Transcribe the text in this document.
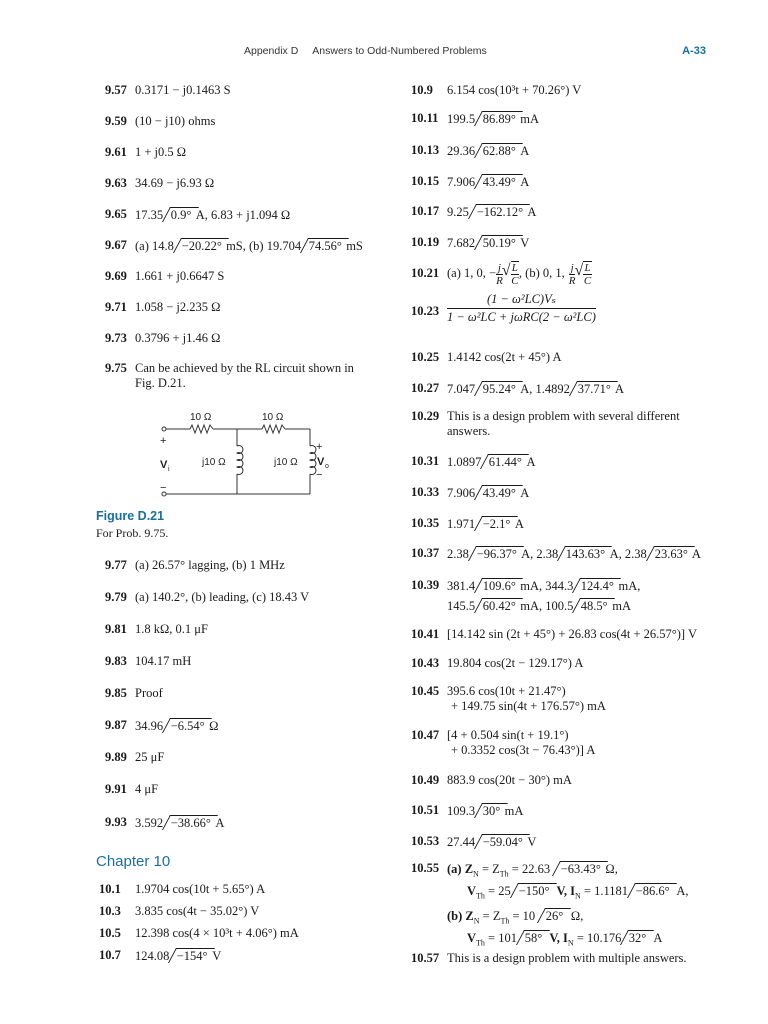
Appendix D Answers to Odd-Numbered Problems	A-33
9.57 0.3171 − j0.1463 S
9.59 (10 − j10) ohms
9.61 1 + j0.5 Ω
9.63 34.69 − j6.93 Ω
9.65 17.35 0.9° A, 6.83 + j1.094 Ω
9.67 (a) 14.8 −20.22° mS, (b) 19.704 74.56° mS
9.69 1.661 + j0.6647 S
9.71 1.058 − j2.235 Ω
9.73 0.3796 + j1.46 Ω
9.75 Can be achieved by the RL circuit shown in
Fig. D.21.
9.77 (a) 26.57° lagging, (b) 1 MHz
9.79 (a) 140.2°, (b) leading, (c) 18.43 V
9.81 1.8 kΩ, 0.1 μF
9.83 104.17 mH
9.85 Proof
9.87 34.96 −6.54° Ω
9.89 25 μF
9.91 4 μF
9.93 3.592 −38.66° A
10.1 1.9704 cos(10t + 5.65°) A
10.3 3.835 cos(4t − 35.02°) V
10.5 12.398 cos(4 × 10³t + 4.06°) mA
10.7 124.08 −154° V
10 Ω	10 Ω
j10 Ω	j10 Ω
+
−
V i
+
−
V o
Figure D.21
For Prob. 9.75.
Chapter 10
10.9 6.154 cos(10³t + 70.26°) V
10.11 199.5 86.89° mA
10.13 29.36 62.88° A
10.15 7.906 43.49° A
10.17 9.25 −162.12° A
10.19 7.682 50.19° V
10.21 (a) 1, 0, − $\frac{j}{R}$ √ $\frac{L}{C}$, (b) 0, 1, $\frac{j}{R}$ √ $\frac{L}{C}$
$10.23 \frac{\text{(1 − ω²LC)Vₛ}}{\text{1 − ω²LC + jωRC(2 − ω²LC)}}$
10.25 1.4142 cos(2t + 45°) A
10.27 7.047 95.24° A, 1.4892 37.71° A
10.29 This is a design problem with several different
answers.
10.31 1.0897 61.44° A
10.33 7.906 43.49° A
10.35 1.971 −2.1° A
10.37 2.38 −96.37° A, 2.38 143.63° A, 2.38 23.63° A
10.39 381.4 109.6° mA, 344.3 124.4° mA,
145.5 60.42° mA, 100.5 48.5° mA
10.41 [14.142 sin (2t + 45°) + 26.83 cos(4t + 26.57°)] V
10.43 19.804 cos(2t − 129.17°) A
10.45 395.6 cos(10t + 21.47°)
+ 149.75 sin(4t + 176.57°) mA
10.47 [4 + 0.504 sin(t + 19.1°)
+ 0.3352 cos(3t − 76.43°)] A
10.49 883.9 cos(20t − 30°) mA
10.51 109.3 30° mA
10.53 27.44 −59.04° V
10.55 (a) $Z_N = Z_{Th} = 22.63 -63.43^\circ$ Ω,
$V_{Th} = 25 -150^\circ$ V, $I_N = 1.1181 -86.6^\circ$ A,
(b) $Z_N = Z_{Th} = 10$ 26° Ω,
$V_{Th} = 101$ 58° V, $I_N = 10.176$ 32° A
10.57 This is a design problem with multiple answers.
